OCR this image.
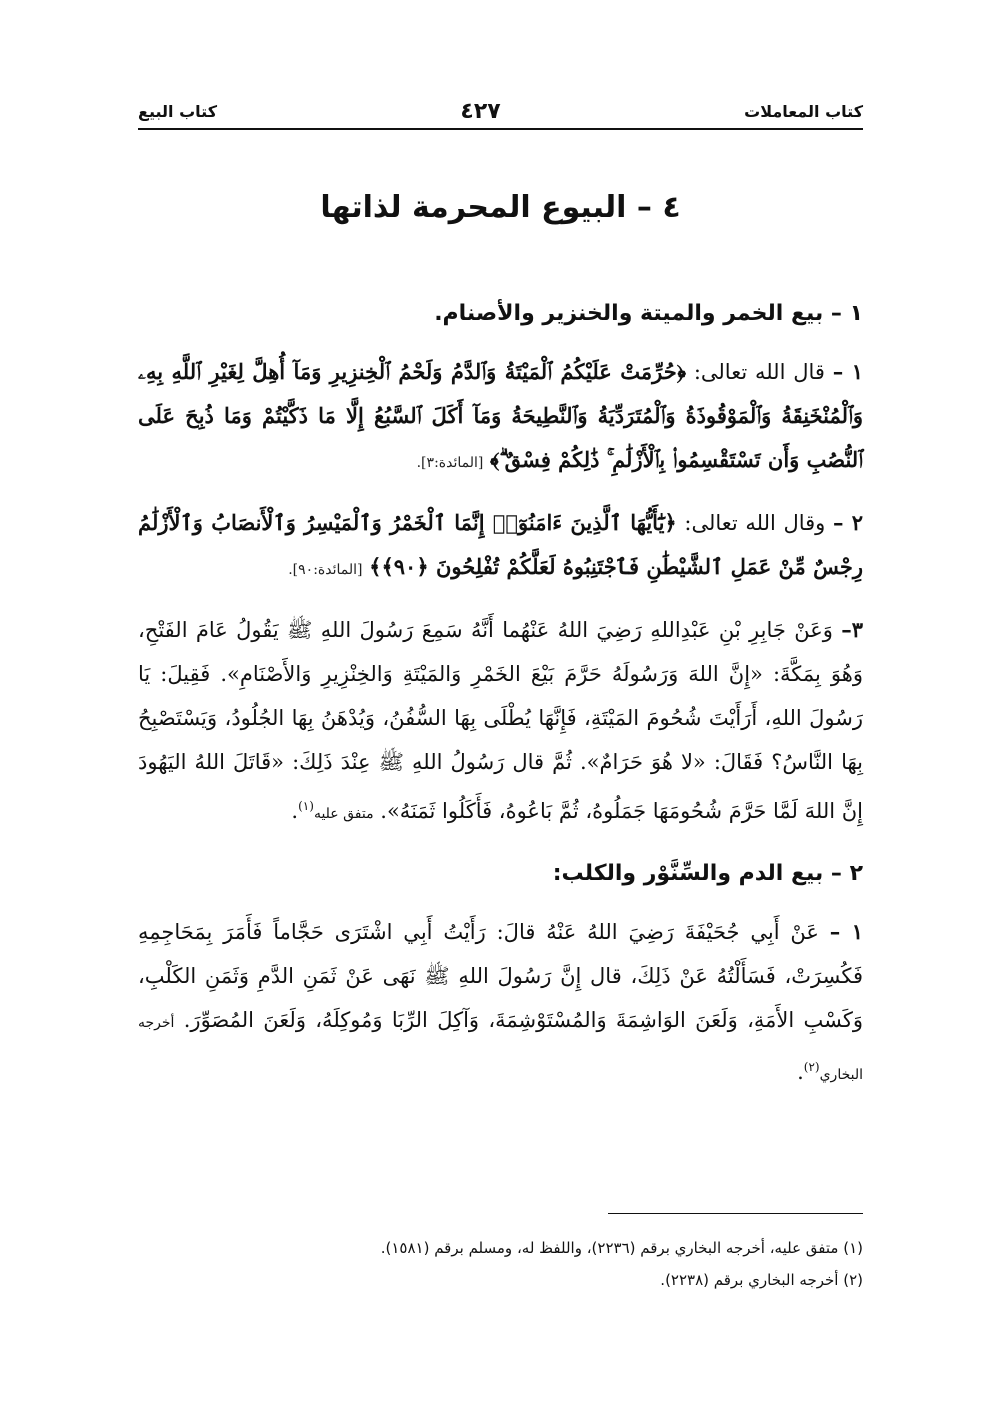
كتاب المعاملات
٤٢٧
كتاب البيع
٤ – البيوع المحرمة لذاتها
١ – بيع الخمر والميتة والخنزير والأصنام.
١ – قال الله تعالى: ﴿حُرِّمَتْ عَلَيْكُمُ ٱلْمَيْتَةُ وَٱلدَّمُ وَلَحْمُ ٱلْخِنزِيرِ وَمَآ أُهِلَّ لِغَيْرِ ٱللَّهِ بِهِۦ وَٱلْمُنْخَنِقَةُ وَٱلْمَوْقُوذَةُ وَٱلْمُتَرَدِّيَةُ وَٱلنَّطِيحَةُ وَمَآ أَكَلَ ٱلسَّبُعُ إِلَّا مَا ذَكَّيْتُمْ وَمَا ذُبِحَ عَلَى ٱلنُّصُبِ وَأَن تَسْتَقْسِمُوا۟ بِٱلْأَزْلَٰمِ ۚ ذَٰلِكُمْ فِسْقٌ ۗ﴾ [المائدة:٣].
٢ – وقال الله تعالى: ﴿يَٰٓأَيُّهَا ٱلَّذِينَ ءَامَنُوٓا۟ إِنَّمَا ٱلْخَمْرُ وَٱلْمَيْسِرُ وَٱلْأَنصَابُ وَٱلْأَزْلَٰمُ رِجْسٌ مِّنْ عَمَلِ ٱلشَّيْطَٰنِ فَٱجْتَنِبُوهُ لَعَلَّكُمْ تُفْلِحُونَ ﴿٩٠﴾﴾ [المائدة:٩٠].
٣– وَعَنْ جَابِرِ بْنِ عَبْدِاللهِ رَضِيَ اللهُ عَنْهُما أَنَّهُ سَمِعَ رَسُولَ اللهِ ﷺ يَقُولُ عَامَ الفَتْحِ، وَهُوَ بِمَكَّةَ: «إِنَّ اللهَ وَرَسُولَهُ حَرَّمَ بَيْعَ الخَمْرِ وَالمَيْتَةِ وَالخِنْزِيرِ وَالأَصْنَامِ». فَقِيلَ: يَا رَسُولَ اللهِ، أَرَأَيْتَ شُحُومَ المَيْتَةِ، فَإِنَّهَا يُطْلَى بِهَا السُّفُنُ، وَيُدْهَنُ بِهَا الجُلُودُ، وَيَسْتَصْبِحُ بِهَا النَّاسُ؟ فَقَالَ: «لا هُوَ حَرَامٌ». ثُمَّ قال رَسُولُ اللهِ ﷺ عِنْدَ ذَلِكَ: «قَاتَلَ اللهُ اليَهُودَ إِنَّ اللهَ لَمَّا حَرَّمَ شُحُومَهَا جَمَلُوهُ، ثُمَّ بَاعُوهُ، فَأَكَلُوا ثَمَنَهُ». متفق عليه$^{(١)}$.
٢ – بيع الدم والسِّنَّوْر والكلب:
١ – عَنْ أَبِي جُحَيْفَةَ رَضِيَ اللهُ عَنْهُ قالَ: رَأَيْتُ أَبِي اشْتَرَى حَجَّاماً فَأَمَرَ بِمَحَاجِمِهِ فَكُسِرَتْ، فَسَأَلْتُهُ عَنْ ذَلِكَ، قال إِنَّ رَسُولَ اللهِ ﷺ نَهَى عَنْ ثَمَنِ الدَّمِ وَثَمَنِ الكَلْبِ، وَكَسْبِ الأَمَةِ، وَلَعَنَ الوَاشِمَةَ وَالمُسْتَوْشِمَةَ، وَآكِلَ الرِّبَا وَمُوكِلَهُ، وَلَعَنَ المُصَوِّرَ. أخرجه البخاري$^{(٢)}$.

(١) متفق عليه، أخرجه البخاري برقم (٢٢٣٦)، واللفظ له، ومسلم برقم (١٥٨١).

(٢) أخرجه البخاري برقم (٢٢٣٨).
